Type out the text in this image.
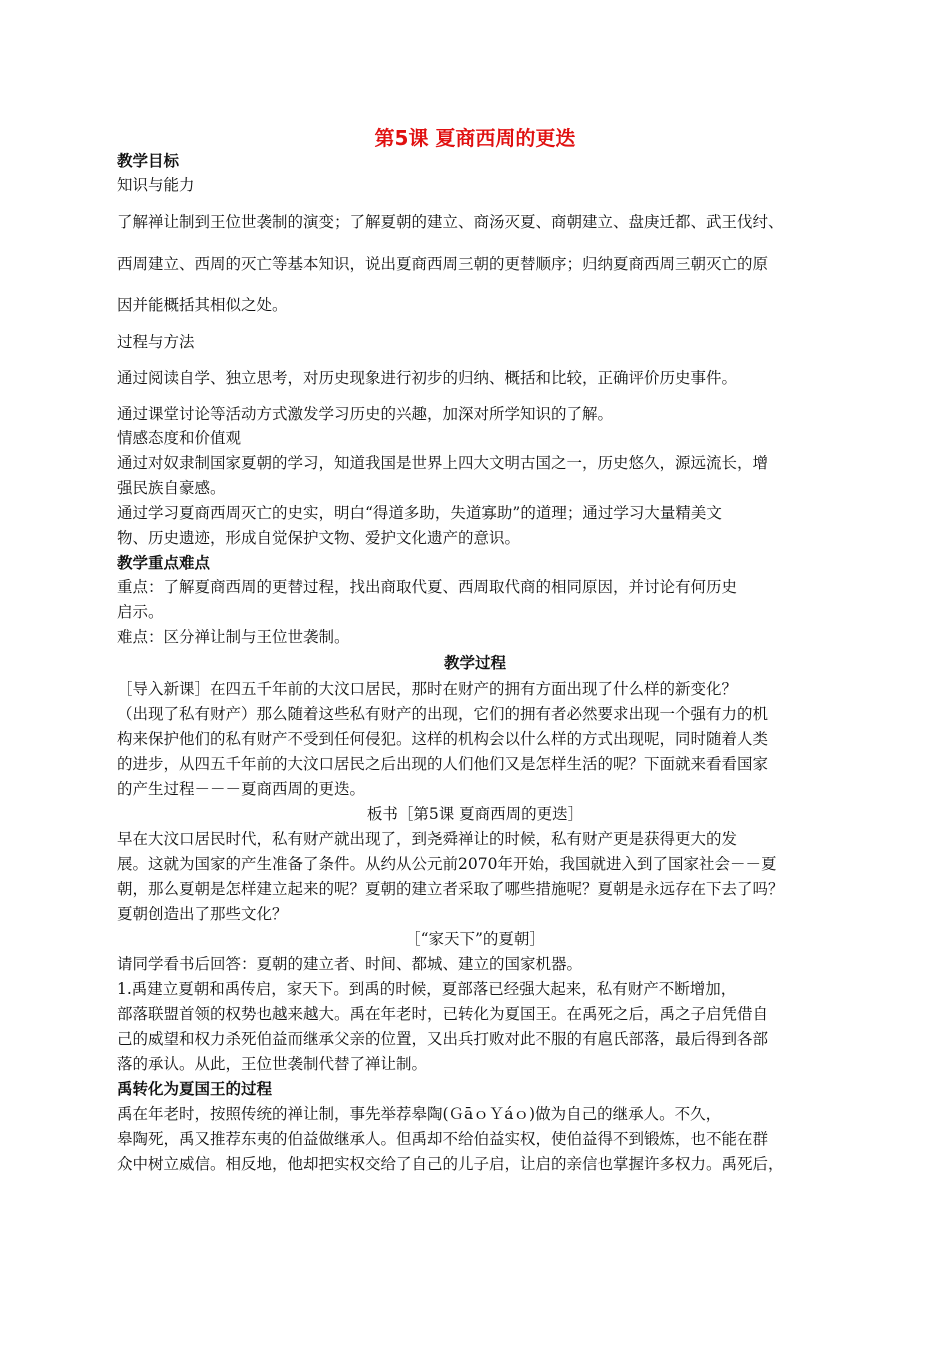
第5课 夏商西周的更迭
教学目标
知识与能力
了解禅让制到王位世袭制的演变；了解夏朝的建立、商汤灭夏、商朝建立、盘庚迁都、武王伐纣、
西周建立、西周的灭亡等基本知识，说出夏商西周三朝的更替顺序；归纳夏商西周三朝灭亡的原
因并能概括其相似之处。
过程与方法
通过阅读自学、独立思考，对历史现象进行初步的归纳、概括和比较，正确评价历史事件。
通过课堂讨论等活动方式激发学习历史的兴趣，加深对所学知识的了解。
情感态度和价值观
通过对奴隶制国家夏朝的学习，知道我国是世界上四大文明古国之一，历史悠久，源远流长，增
强民族自豪感。
通过学习夏商西周灭亡的史实，明白“得道多助，失道寡助”的道理；通过学习大量精美文
物、历史遗迹，形成自觉保护文物、爱护文化遗产的意识。
教学重点难点
重点：了解夏商西周的更替过程，找出商取代夏、西周取代商的相同原因，并讨论有何历史
启示。
难点：区分禅让制与王位世袭制。
教学过程
［导入新课］在四五千年前的大汶口居民，那时在财产的拥有方面出现了什么样的新变化？
（出现了私有财产）那么随着这些私有财产的出现，它们的拥有者必然要求出现一个强有力的机
构来保护他们的私有财产不受到任何侵犯。这样的机构会以什么样的方式出现呢，同时随着人类
的进步，从四五千年前的大汶口居民之后出现的人们他们又是怎样生活的呢？下面就来看看国家
的产生过程－－－夏商西周的更迭。
板书［第5课 夏商西周的更迭］
早在大汶口居民时代，私有财产就出现了，到尧舜禅让的时候，私有财产更是获得更大的发
展。这就为国家的产生准备了条件。从约从公元前2070年开始，我国就进入到了国家社会－－夏
朝，那么夏朝是怎样建立起来的呢？夏朝的建立者采取了哪些措施呢？夏朝是永远存在下去了吗？
夏朝创造出了那些文化？
［“家天下”的夏朝］
请同学看书后回答：夏朝的建立者、时间、都城、建立的国家机器。
1.禹建立夏朝和禹传启，家天下。到禹的时候，夏部落已经强大起来，私有财产不断增加，
部落联盟首领的权势也越来越大。禹在年老时，已转化为夏国王。在禹死之后，禹之子启凭借自
己的威望和权力杀死伯益而继承父亲的位置，又出兵打败对此不服的有扈氏部落，最后得到各部
落的承认。从此，王位世袭制代替了禅让制。
禹转化为夏国王的过程
禹在年老时，按照传统的禅让制，事先举荐皋陶(ＧāｏＹáｏ)做为自己的继承人。不久，
皋陶死，禹又推荐东夷的伯益做继承人。但禹却不给伯益实权，使伯益得不到锻炼，也不能在群
众中树立威信。相反地，他却把实权交给了自己的儿子启，让启的亲信也掌握许多权力。禹死后，
